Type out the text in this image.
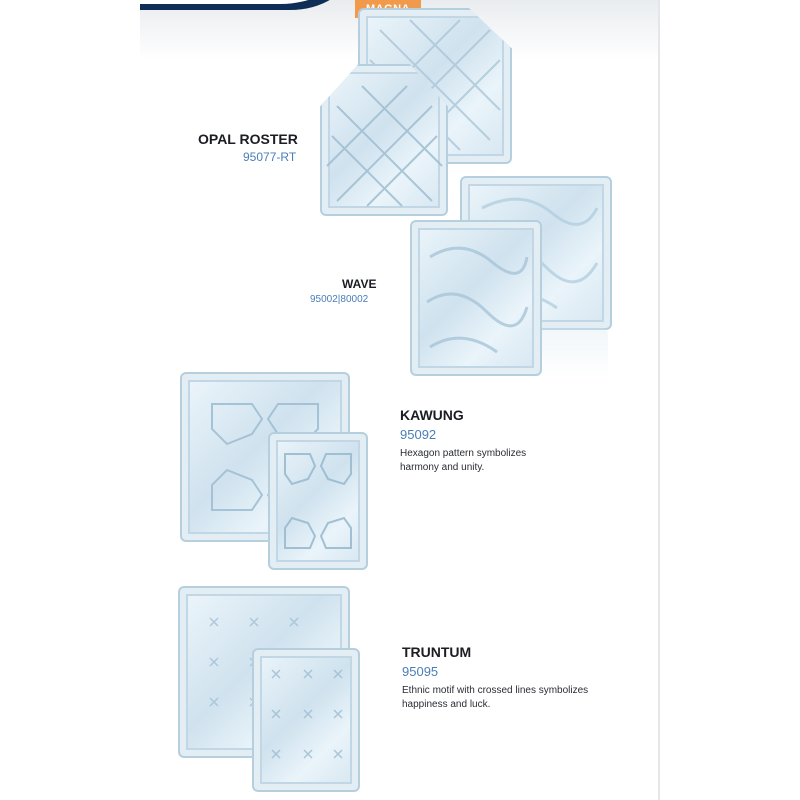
OPAL ROSTER
95077-RT
WAVE
95002|80002
KAWUNG
95092
Hexagon pattern symbolizes harmony and unity.
TRUNTUM
95095
Ethnic motif with crossed lines symbolizes happiness and luck.
